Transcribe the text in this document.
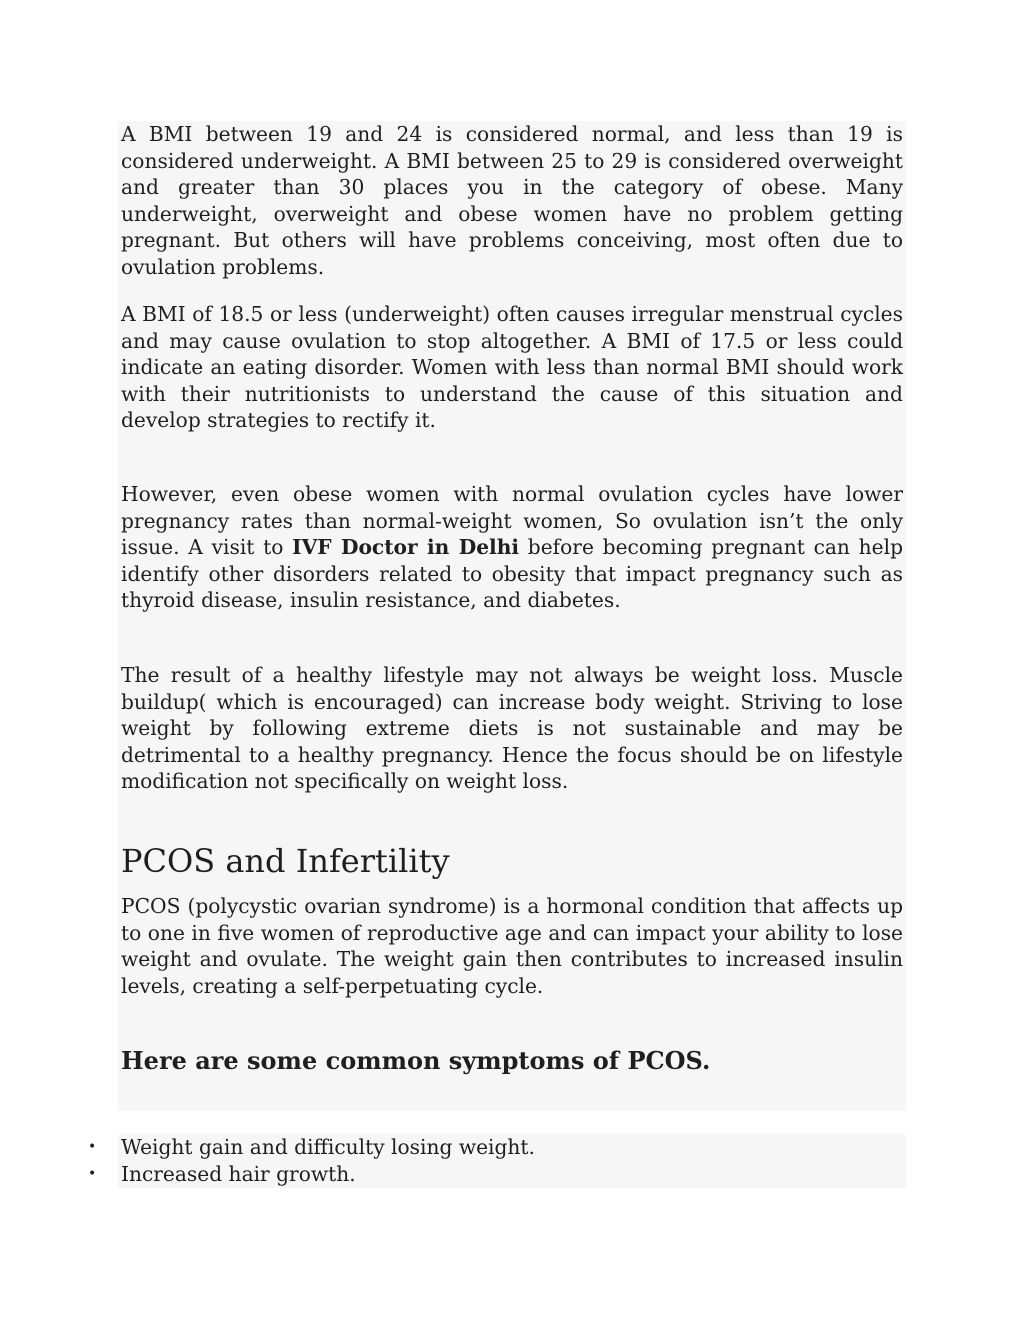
A BMI between 19 and 24 is considered normal, and less than 19 is considered underweight. A BMI between 25 to 29 is considered overweight and greater than 30 places you in the category of obese. Many underweight, overweight and obese women have no problem getting pregnant. But others will have problems conceiving, most often due to ovulation problems.

A BMI of 18.5 or less (underweight) often causes irregular menstrual cycles and may cause ovulation to stop altogether. A BMI of 17.5 or less could indicate an eating disorder. Women with less than normal BMI should work with their nutritionists to understand the cause of this situation and develop strategies to rectify it.

However, even obese women with normal ovulation cycles have lower pregnancy rates than normal-weight women, So ovulation isn’t the only issue. A visit to IVF Doctor in Delhi before becoming pregnant can help identify other disorders related to obesity that impact pregnancy such as thyroid disease, insulin resistance, and diabetes.

The result of a healthy lifestyle may not always be weight loss. Muscle buildup( which is encouraged) can increase body weight. Striving to lose weight by following extreme diets is not sustainable and may be detrimental to a healthy pregnancy. Hence the focus should be on lifestyle modification not specifically on weight loss.

PCOS and Infertility

PCOS (polycystic ovarian syndrome) is a hormonal condition that affects up to one in five women of reproductive age and can impact your ability to lose weight and ovulate. The weight gain then contributes to increased insulin levels, creating a self-perpetuating cycle.

Here are some common symptoms of PCOS.
• Weight gain and difficulty losing weight.
• Increased hair growth.
